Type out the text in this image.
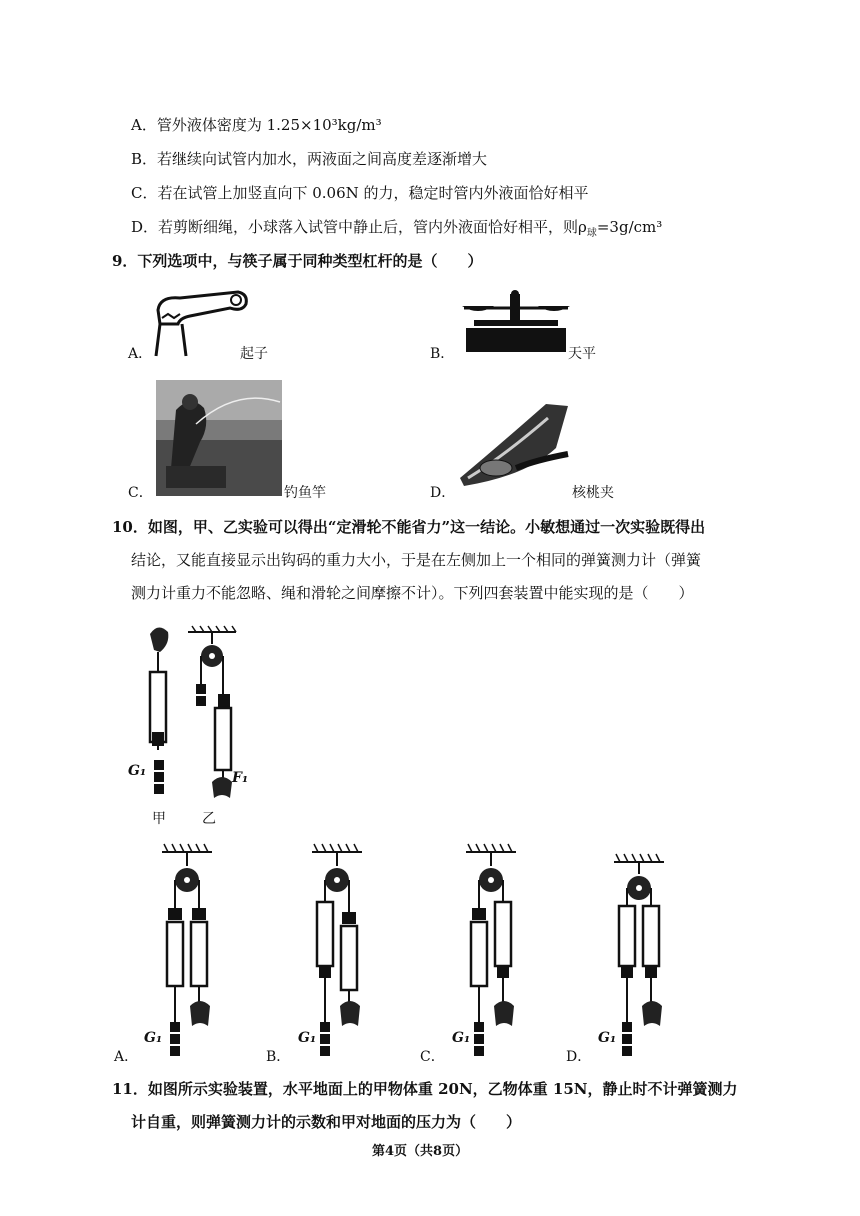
A．管外液体密度为 1.25×10³kg/m³
B．若继续向试管内加水，两液面之间高度差逐渐增大
C．若在试管上加竖直向下 0.06N 的力，稳定时管内外液面恰好相平
D．若剪断细绳，小球落入试管中静止后，管内外液面恰好相平，则$\rho_球=3g$/cm³
9．下列选项中，与筷子属于同种类型杠杆的是（　　）
A．	起子	B．	天平
C．	钓鱼竿	D．	核桃夹
10．如图，甲、乙实验可以得出“定滑轮不能省力”这一结论。小敏想通过一次实验既得出
结论，又能直接显示出钩码的重力大小，于是在左侧加上一个相同的弹簧测力计（弹簧
测力计重力不能忽略、绳和滑轮之间摩擦不计）。下列四套装置中能实现的是（　　）
G₁	F₁
甲	乙
G₁
A．
G₁
B．
G₁
C．
G₁
D．
11．如图所示实验装置，水平地面上的甲物体重 20N，乙物体重 15N，静止时不计弹簧测力
计自重，则弹簧测力计的示数和甲对地面的压力为（　　）
第4页（共8页）
